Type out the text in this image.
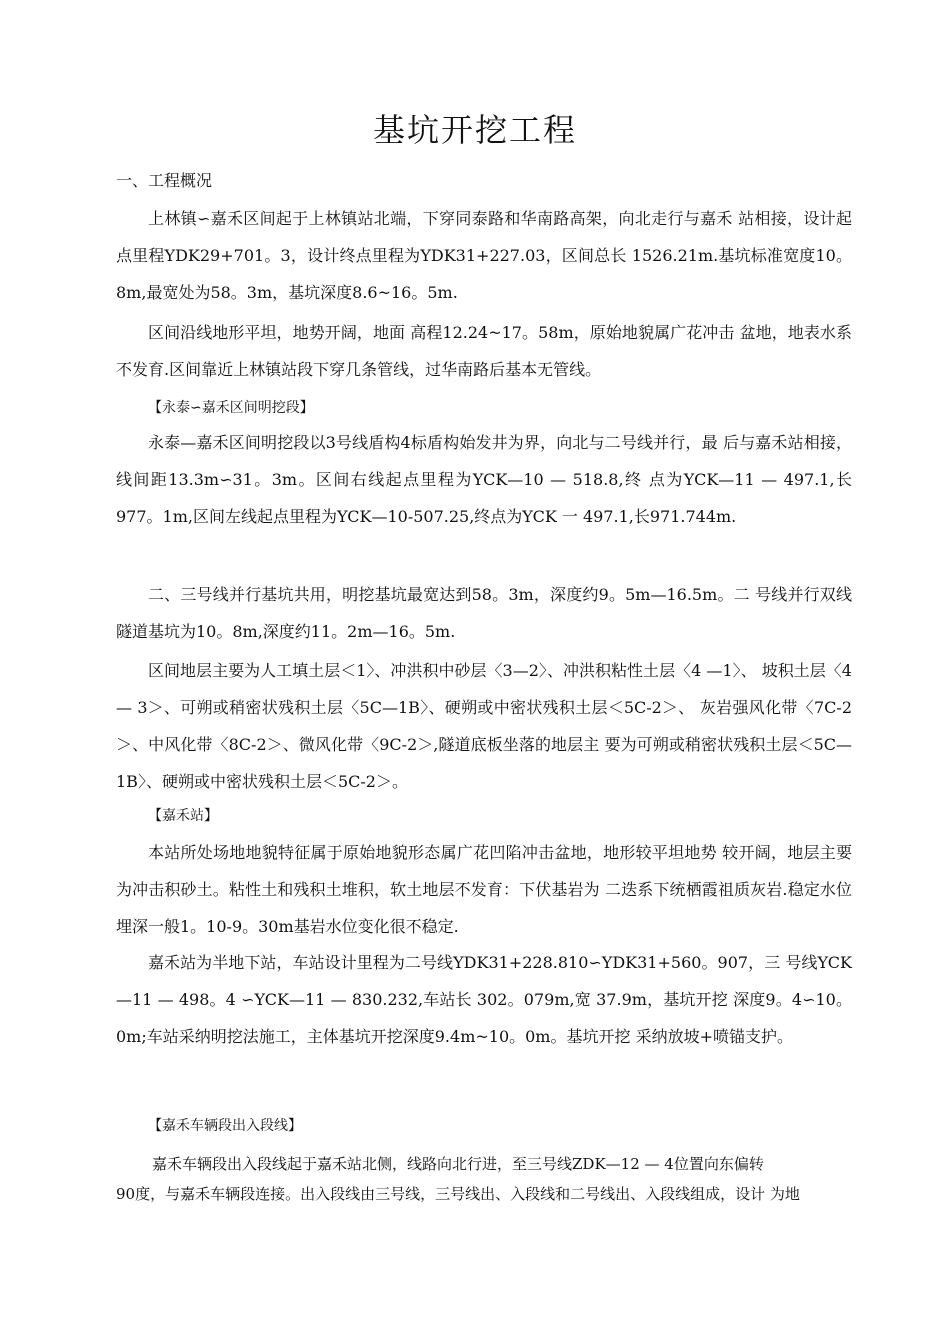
基坑开挖工程

一、工程概况

上林镇∽嘉禾区间起于上林镇站北端，下穿同泰路和华南路高架，向北走行与嘉禾 站相接，设计起点里程YDK29+701。3，设计终点里程为YDK31+227.03，区间总长 1526.21m.基坑标准宽度10。8m,最宽处为58。3m，基坑深度8.6~16。5m.

区间沿线地形平坦，地势开阔，地面 高程12.24~17。58m，原始地貌属广花冲击 盆地，地表水系不发育.区间靠近上林镇站段下穿几条管线，过华南路后基本无管线。

【永泰∽嘉禾区间明挖段】

永泰—嘉禾区间明挖段以3号线盾构4标盾构始发井为界，向北与二号线并行，最 后与嘉禾站相接，线间距13.3m∽31。3m。区间右线起点里程为YCK—10 — 518.8,终 点为YCK—11 — 497.1,长977。1m,区间左线起点里程为YCK—10-507.25,终点为YCK 一 497.1,长971.744m.

二、三号线并行基坑共用，明挖基坑最宽达到58。3m，深度约9。5m—16.5m。二 号线并行双线隧道基坑为10。8m,深度约11。2m—16。5m.

区间地层主要为人工填土层＜1〉、冲洪积中砂层〈3—2〉、冲洪积粘性土层〈4 —1〉、 坡积土层〈4 — 3＞、可朔或稍密状残积土层〈5C—1B〉、硬朔或中密状残积土层＜5C-2＞、 灰岩强风化带〈7C-2＞、中风化带〈8C-2＞、微风化带〈9C-2＞,隧道底板坐落的地层主 要为可朔或稍密状残积土层＜5C—1B〉、硬朔或中密状残积土层＜5C-2＞。

【嘉禾站】

本站所处场地地貌特征属于原始地貌形态属广花凹陷冲击盆地，地形较平坦地势 较开阔，地层主要为冲击积砂土。粘性土和残积土堆积，软土地层不发育：下伏基岩为 二迭系下统栖霞祖质灰岩.稳定水位埋深一般1。10-9。30m基岩水位变化很不稳定.

嘉禾站为半地下站，车站设计里程为二号线YDK31+228.810∽YDK31+560。907，三 号线YCK—11 — 498。4 ∽YCK—11 — 830.232,车站长 302。079m,宽 37.9m，基坑开挖 深度9。4∽10。0m;车站采纳明挖法施工，主体基坑开挖深度9.4m~10。0m。基坑开挖 采纳放坡+喷锚支护。

【嘉禾车辆段出入段线】

嘉禾车辆段出入段线起于嘉禾站北侧，线路向北行进，至三号线ZDK—12 — 4位置向东偏转

90度，与嘉禾车辆段连接。出入段线由三号线，三号线出、入段线和二号线出、入段线组成，设计 为地
